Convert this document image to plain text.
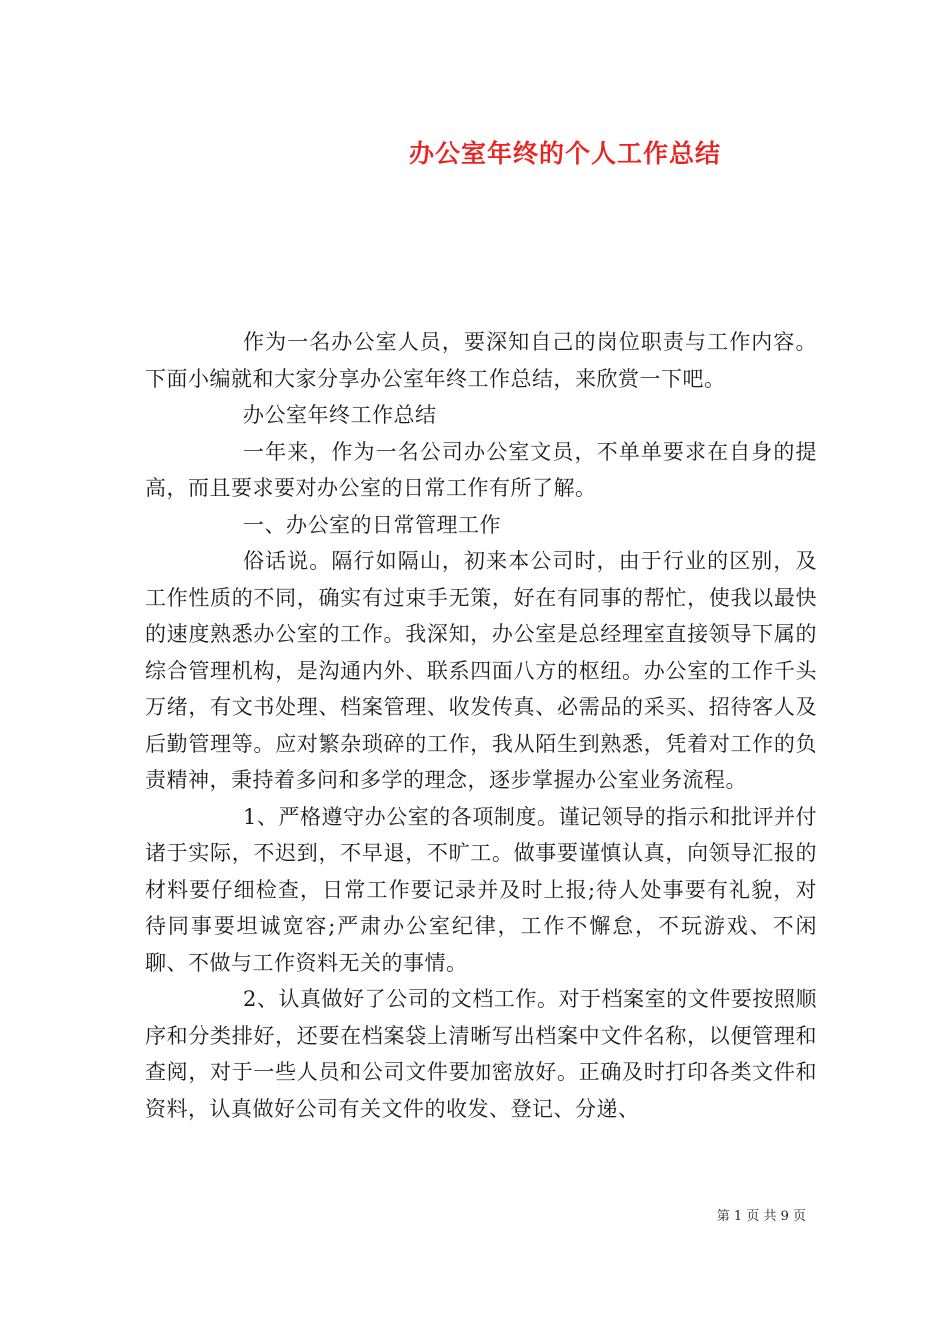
办公室年终的个人工作总结

作为一名办公室人员，要深知自己的岗位职责与工作内容。下面小编就和大家分享办公室年终工作总结，来欣赏一下吧。

办公室年终工作总结

一年来，作为一名公司办公室文员，不单单要求在自身的提高，而且要求要对办公室的日常工作有所了解。

一、办公室的日常管理工作

俗话说。隔行如隔山，初来本公司时，由于行业的区别，及工作性质的不同，确实有过束手无策，好在有同事的帮忙，使我以最快的速度熟悉办公室的工作。我深知，办公室是总经理室直接领导下属的综合管理机构，是沟通内外、联系四面八方的枢纽。办公室的工作千头万绪，有文书处理、档案管理、收发传真、必需品的采买、招待客人及后勤管理等。应对繁杂琐碎的工作，我从陌生到熟悉，凭着对工作的负责精神，秉持着多问和多学的理念，逐步掌握办公室业务流程。

1、严格遵守办公室的各项制度。谨记领导的指示和批评并付诸于实际，不迟到，不早退，不旷工。做事要谨慎认真，向领导汇报的材料要仔细检查，日常工作要记录并及时上报;待人处事要有礼貌，对待同事要坦诚宽容;严肃办公室纪律，工作不懈怠，不玩游戏、不闲聊、不做与工作资料无关的事情。

2、认真做好了公司的文档工作。对于档案室的文件要按照顺序和分类排好，还要在档案袋上清晰写出档案中文件名称，以便管理和查阅，对于一些人员和公司文件要加密放好。正确及时打印各类文件和资料，认真做好公司有关文件的收发、登记、分递、

第 1 页 共 9 页
